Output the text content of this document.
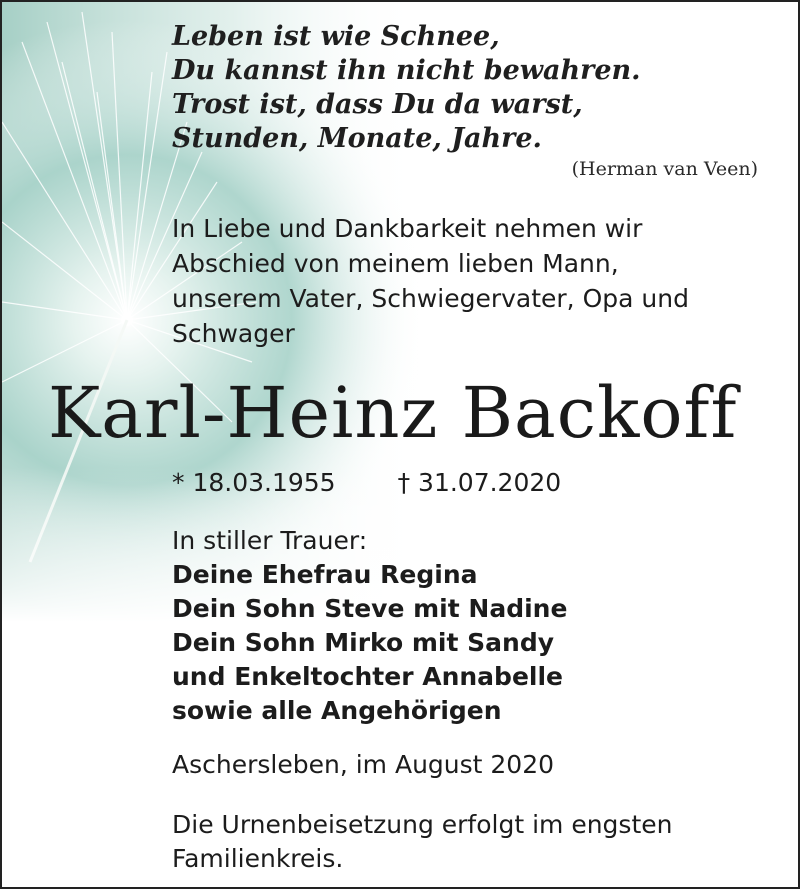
Leben ist wie Schnee,
Du kannst ihn nicht bewahren.
Trost ist, dass Du da warst,
Stunden, Monate, Jahre.
(Herman van Veen)
In Liebe und Dankbarkeit nehmen wir
Abschied von meinem lieben Mann,
unserem Vater, Schwiegervater, Opa und
Schwager
Karl-Heinz Backoff
* 18.03.1955 † 31.07.2020
In stiller Trauer:
Deine Ehefrau Regina
Dein Sohn Steve mit Nadine
Dein Sohn Mirko mit Sandy
und Enkeltochter Annabelle
sowie alle Angehörigen
Aschersleben, im August 2020
Die Urnenbeisetzung erfolgt im engsten
Familienkreis.
